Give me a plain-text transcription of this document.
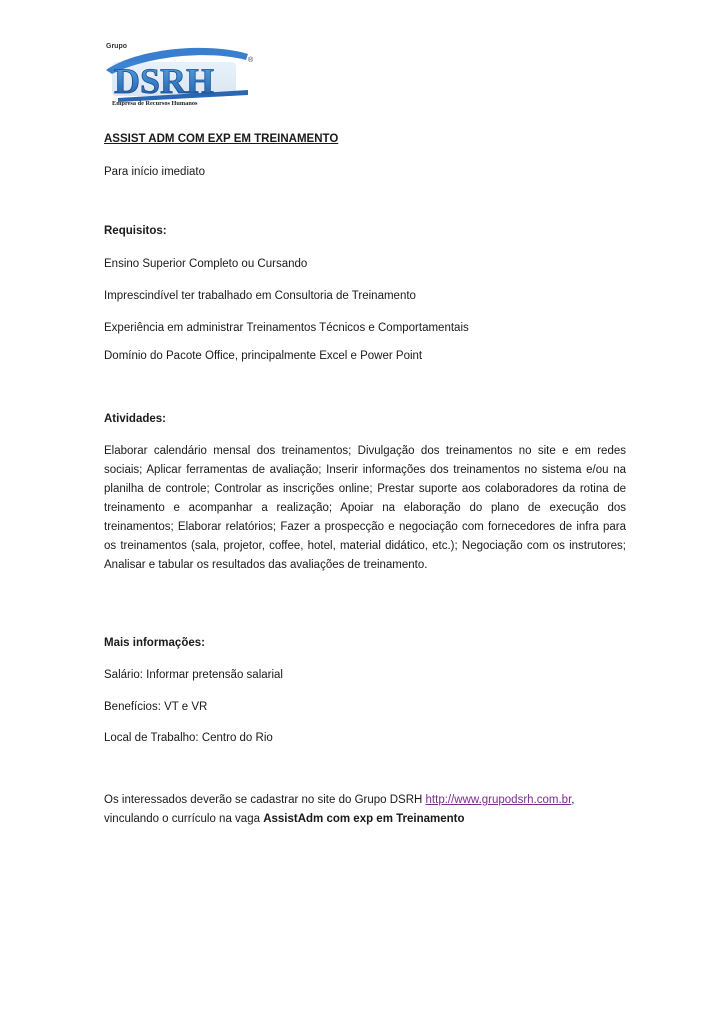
DSRH
Grupo
®
Empresa de Recursos Humanos

ASSIST ADM COM EXP EM TREINAMENTO

Para início imediato

Requisitos:

Ensino Superior Completo ou Cursando

Imprescindível ter trabalhado em Consultoria de Treinamento

Experiência em administrar Treinamentos Técnicos e Comportamentais

Domínio do Pacote Office, principalmente Excel e Power Point

Atividades:

Elaborar calendário mensal dos treinamentos; Divulgação dos treinamentos no site e em redes sociais; Aplicar ferramentas de avaliação; Inserir informações dos treinamentos no sistema e/ou na planilha de controle; Controlar as inscrições online; Prestar suporte aos colaboradores da rotina de treinamento e acompanhar a realização; Apoiar na elaboração do plano de execução dos treinamentos; Elaborar relatórios; Fazer a prospecção e negociação com fornecedores de infra para os treinamentos (sala, projetor, coffee, hotel, material didático, etc.); Negociação com os instrutores; Analisar e tabular os resultados das avaliações de treinamento.

Mais informações:

Salário: Informar pretensão salarial

Benefícios: VT e VR

Local de Trabalho: Centro do Rio

Os interessados deverão se cadastrar no site do Grupo DSRH http://www.grupodsrh.com.br, vinculando o currículo na vaga AssistAdm com exp em Treinamento
